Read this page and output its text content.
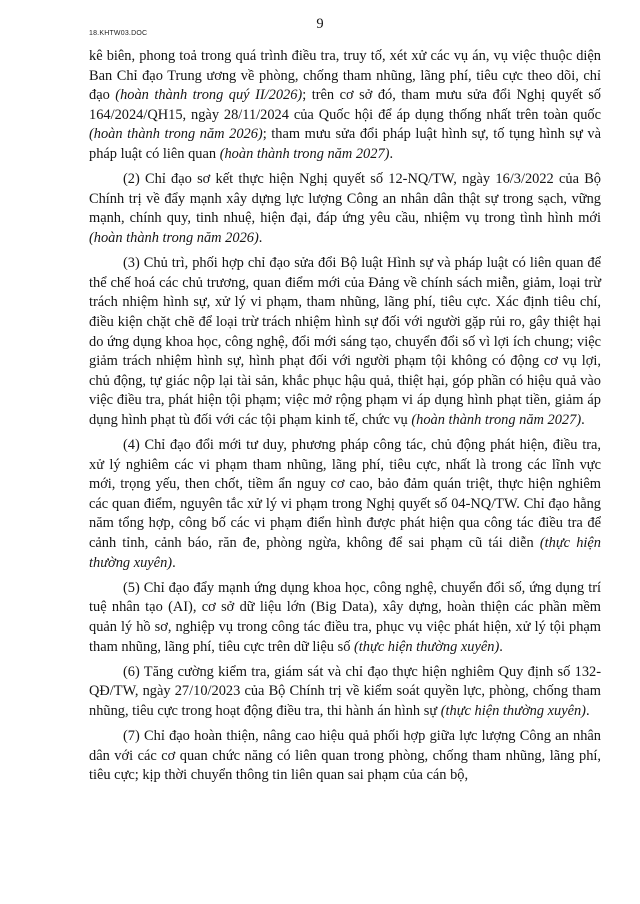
18.KHTW03.DOC
9

kê biên, phong toả trong quá trình điều tra, truy tố, xét xử các vụ án, vụ việc thuộc diện Ban Chỉ đạo Trung ương về phòng, chống tham nhũng, lãng phí, tiêu cực theo dõi, chỉ đạo (hoàn thành trong quý II/2026); trên cơ sở đó, tham mưu sửa đổi Nghị quyết số 164/2024/QH15, ngày 28/11/2024 của Quốc hội để áp dụng thống nhất trên toàn quốc (hoàn thành trong năm 2026); tham mưu sửa đổi pháp luật hình sự, tố tụng hình sự và pháp luật có liên quan (hoàn thành trong năm 2027).

(2) Chỉ đạo sơ kết thực hiện Nghị quyết số 12-NQ/TW, ngày 16/3/2022 của Bộ Chính trị về đẩy mạnh xây dựng lực lượng Công an nhân dân thật sự trong sạch, vững mạnh, chính quy, tinh nhuệ, hiện đại, đáp ứng yêu cầu, nhiệm vụ trong tình hình mới (hoàn thành trong năm 2026).

(3) Chủ trì, phối hợp chỉ đạo sửa đổi Bộ luật Hình sự và pháp luật có liên quan để thể chế hoá các chủ trương, quan điểm mới của Đảng về chính sách miễn, giảm, loại trừ trách nhiệm hình sự, xử lý vi phạm, tham nhũng, lãng phí, tiêu cực. Xác định tiêu chí, điều kiện chặt chẽ để loại trừ trách nhiệm hình sự đối với người gặp rủi ro, gây thiệt hại do ứng dụng khoa học, công nghệ, đổi mới sáng tạo, chuyển đổi số vì lợi ích chung; việc giảm trách nhiệm hình sự, hình phạt đối với người phạm tội không có động cơ vụ lợi, chủ động, tự giác nộp lại tài sản, khắc phục hậu quả, thiệt hại, góp phần có hiệu quả vào việc điều tra, phát hiện tội phạm; việc mở rộng phạm vi áp dụng hình phạt tiền, giảm áp dụng hình phạt tù đối với các tội phạm kinh tế, chức vụ (hoàn thành trong năm 2027).

(4) Chỉ đạo đổi mới tư duy, phương pháp công tác, chủ động phát hiện, điều tra, xử lý nghiêm các vi phạm tham nhũng, lãng phí, tiêu cực, nhất là trong các lĩnh vực mới, trọng yếu, then chốt, tiềm ẩn nguy cơ cao, bảo đảm quán triệt, thực hiện nghiêm các quan điểm, nguyên tắc xử lý vi phạm trong Nghị quyết số 04-NQ/TW. Chỉ đạo hằng năm tổng hợp, công bố các vi phạm điển hình được phát hiện qua công tác điều tra để cảnh tỉnh, cảnh báo, răn đe, phòng ngừa, không để sai phạm cũ tái diễn (thực hiện thường xuyên).

(5) Chỉ đạo đẩy mạnh ứng dụng khoa học, công nghệ, chuyển đổi số, ứng dụng trí tuệ nhân tạo (AI), cơ sở dữ liệu lớn (Big Data), xây dựng, hoàn thiện các phần mềm quản lý hồ sơ, nghiệp vụ trong công tác điều tra, phục vụ việc phát hiện, xử lý tội phạm tham nhũng, lãng phí, tiêu cực trên dữ liệu số (thực hiện thường xuyên).

(6) Tăng cường kiểm tra, giám sát và chỉ đạo thực hiện nghiêm Quy định số 132-QĐ/TW, ngày 27/10/2023 của Bộ Chính trị về kiểm soát quyền lực, phòng, chống tham nhũng, tiêu cực trong hoạt động điều tra, thi hành án hình sự (thực hiện thường xuyên).

(7) Chỉ đạo hoàn thiện, nâng cao hiệu quả phối hợp giữa lực lượng Công an nhân dân với các cơ quan chức năng có liên quan trong phòng, chống tham nhũng, lãng phí, tiêu cực; kịp thời chuyển thông tin liên quan sai phạm của cán bộ,
